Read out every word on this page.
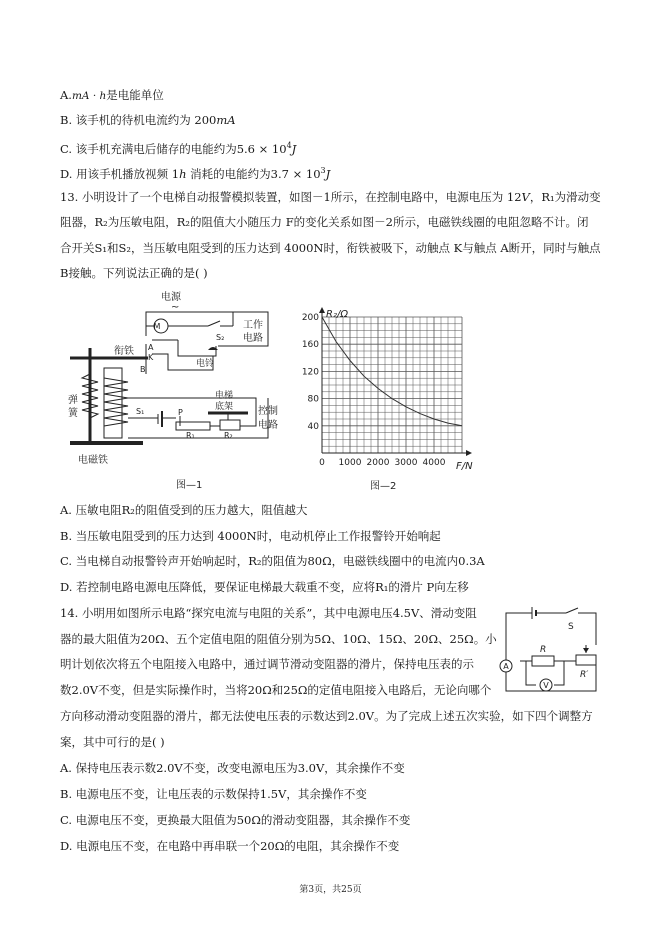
A.mA · h是电能单位
B. 该手机的待机电流约为 200mA
C. 该手机充满电后储存的电能约为$5.6 \times 10^4J$
D. 用该手机播放视频 1h 消耗的电能约为$3.7 \times 10^3J$
13. 小明设计了一个电梯自动报警模拟装置，如图－1所示，在控制电路中，电源电压为 12V，R₁为滑动变
阻器，R₂为压敏电阻，R₂的阻值大小随压力 F的变化关系如图－2所示，电磁铁线圈的电阻忽略不计。闭
合开关S₁和S₂，当压敏电阻受到的压力达到 4000N时，衔铁被吸下，动触点 K与触点 A断开，同时与触点
B接触。下列说法正确的是( )
电源
~
工作
电路
衔铁 A
K
B
S₂
M
电铃
弹
簧
电梯
底架 控制
电路
S₁	P
R₁	R₂
电磁铁
图—1
200
160
120
80
40
0 1000 2000 3000 4000
R₂/Ω
F/N
图—2
A. 压敏电阻R₂的阻值受到的压力越大，阻值越大
B. 当压敏电阻受到的压力达到 4000N时，电动机停止工作报警铃开始响起
C. 当电梯自动报警铃声开始响起时，R₂的阻值为80Ω，电磁铁线圈中的电流内0.3A
D. 若控制电路电源电压降低，要保证电梯最大载重不变，应将R₁的滑片 P向左移
14. 小明用如图所示电路“探究电流与电阻的关系”，其中电源电压4.5V、滑动变阻
器的最大阻值为20Ω、五个定值电阻的阻值分别为5Ω、10Ω、15Ω、20Ω、25Ω。小
明计划依次将五个电阻接入电路中，通过调节滑动变阻器的滑片，保持电压表的示
数2.0V不变，但是实际操作时，当将20Ω和25Ω的定值电阻接入电路后，无论向哪个
方向移动滑动变阻器的滑片，都无法使电压表的示数达到2.0V。为了完成上述五次实验，如下四个调整方
案，其中可行的是( )
S
A
R
V
R′
A. 保持电压表示数2.0V不变，改变电源电压为3.0V，其余操作不变
B. 电源电压不变，让电压表的示数保持1.5V，其余操作不变
C. 电源电压不变，更换最大阻值为50Ω的滑动变阻器，其余操作不变
D. 电源电压不变，在电路中再串联一个20Ω的电阻，其余操作不变
第3页，共25页
